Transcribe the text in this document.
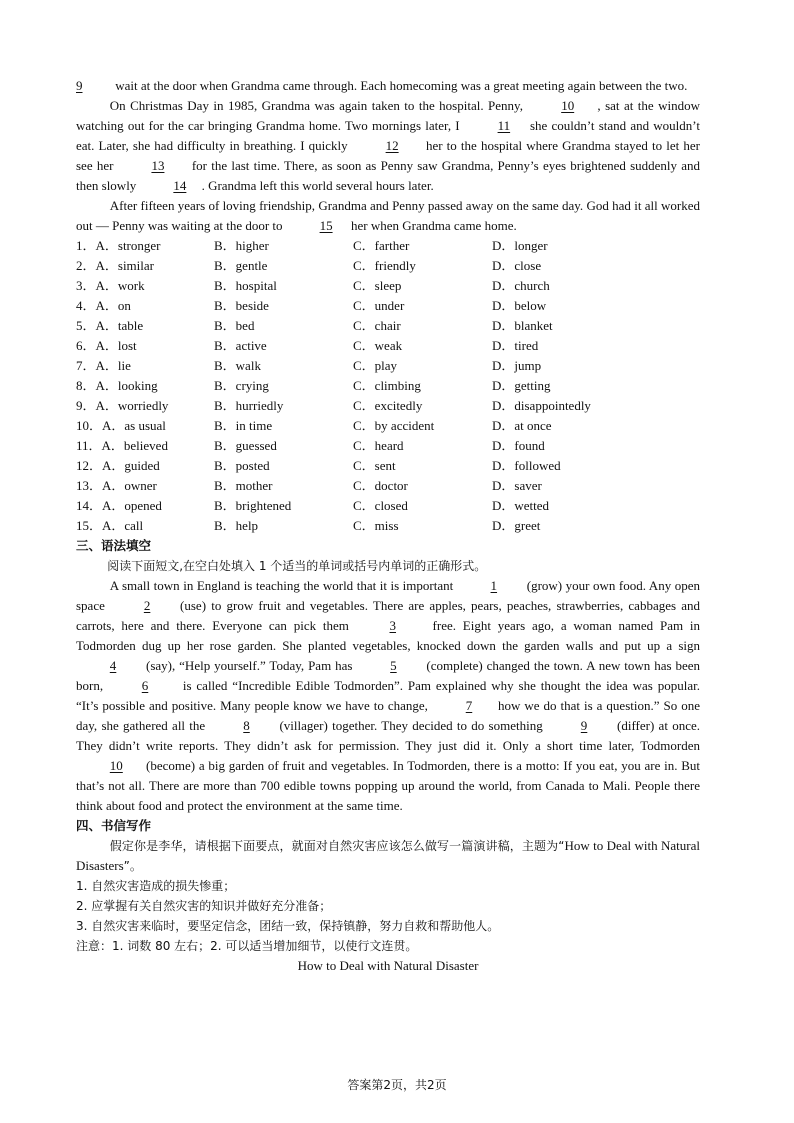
9 wait at the door when Grandma came through. Each homecoming was a great meeting again between the two.

On Christmas Day in 1985, Grandma was again taken to the hospital. Penny,	10 , sat at the window watching out for the car bringing Grandma home. Two mornings later, I	11 she couldn’t stand and wouldn’t eat. Later, she had difficulty in breathing. I quickly	12 her to the hospital where Grandma stayed to let her see her	13 for the last time. There, as soon as Penny saw Grandma, Penny’s eyes brightened suddenly and then slowly	14 . Grandma left this world several hours later.

After fifteen years of loving friendship, Grandma and Penny passed away on the same day. God had it all worked out — Penny was waiting at the door to	15 her when Grandma came home.

1．A．stronger	B．higher	C．farther	D．longer
2．A．similar	B．gentle	C．friendly	D．close
3．A．work	B．hospital	C．sleep	D．church
4．A．on	B．beside	C．under	D．below
5．A．table	B．bed	C．chair	D．blanket
6．A．lost	B．active	C．weak	D．tired
7．A．lie	B．walk	C．play	D．jump
8．A．looking	B．crying	C．climbing	D．getting
9．A．worriedly	B．hurriedly	C．excitedly	D．disappointedly
10．A．as usual	B．in time	C．by accident	D．at once
11．A．believed	B．guessed	C．heard	D．found
12．A．guided	B．posted	C．sent	D．followed
13．A．owner	B．mother	C．doctor	D．saver
14．A．opened	B．brightened	C．closed	D．wetted
15．A．call	B．help	C．miss	D．greet

三、语法填空

阅读下面短文,在空白处填入 1 个适当的单词或括号内单词的正确形式。

A small town in England is teaching the world that it is important	1 (grow) your own food. Any open space	2 (use) to grow fruit and vegetables. There are apples, pears, peaches, strawberries, cabbages and carrots, here and there. Everyone can pick them	3 free. Eight years ago, a woman named Pam in Todmorden dug up her rose garden. She planted vegetables, knocked down the garden walls and put up a sign 4 (say), “Help yourself.” Today, Pam has	5 (complete) changed the town. A new town has been born,	6 is called “Incredible Edible Todmorden”. Pam explained why she thought the idea was popular. “It’s possible and positive. Many people know we have to change,	7 how we do that is a question.” So one day, she gathered all the	8 (villager) together. They decided to do something	9 (differ) at once. They didn’t write reports. They didn’t ask for permission. They just did it. Only a short time later, Todmorden 10 (become) a big garden of fruit and vegetables. In Todmorden, there is a motto: If you eat, you are in. But that’s not all. There are more than 700 edible towns popping up around the world, from Canada to Mali. People there think about food and protect the environment at the same time.

四、书信写作

假定你是李华，请根据下面要点，就面对自然灾害应该怎么做写一篇演讲稿，主题为“How to Deal with Natural Disasters”。

1. 自然灾害造成的损失惨重；

2. 应掌握有关自然灾害的知识并做好充分准备；

3. 自然灾害来临时，要坚定信念，团结一致，保持镇静，努力自救和帮助他人。

注意：1. 词数 80 左右；2. 可以适当增加细节，以使行文连贯。

How to Deal with Natural Disaster

答案第2页，共2页
